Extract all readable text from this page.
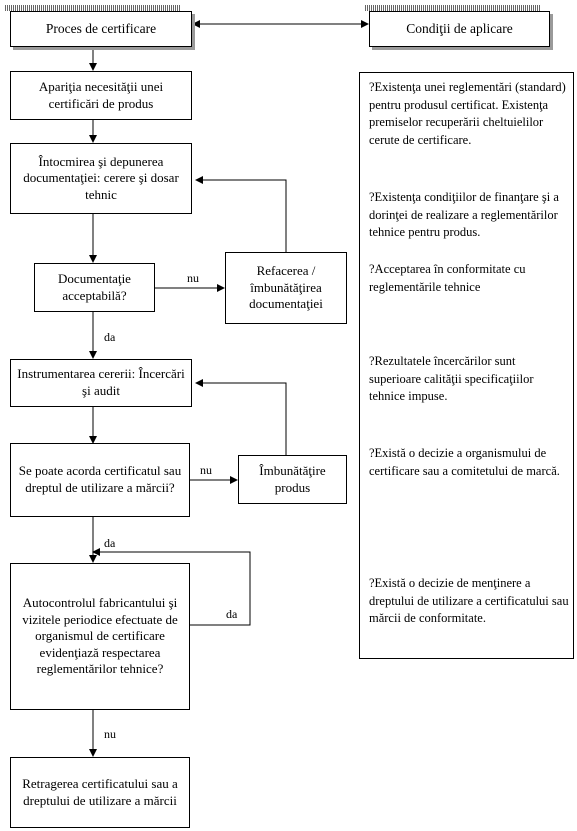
Proces de certificare	Condiţii de aplicare
Apariţia necesităţii unei certificări de produs
Întocmirea şi depunerea documentaţiei: cerere şi dosar tehnic
Documentaţie acceptabilă?
Refacerea / îmbunătăţirea documentaţiei
Instrumentarea cererii: Încercări şi audit
Se poate acorda certificatul sau dreptul de utilizare a mărcii?
Îmbunătăţire produs
Autocontrolul fabricantului şi vizitele periodice efectuate de organismul de certificare evidenţiază respectarea reglementărilor tehnice?
Retragerea certificatului sau a dreptului de utilizare a mărcii
nu
da
nu
da
da
nu
?Existenţa unei reglementări (standard) pentru produsul certificat. Existenţa premiselor recuperării cheltuielilor cerute de certificare.
?Existenţa condiţiilor de finanţare şi a dorinţei de realizare a reglementărilor tehnice pentru produs.
?Acceptarea în conformitate cu reglementările tehnice
?Rezultatele încercărilor sunt superioare calităţii specificaţiilor tehnice impuse.
?Există o decizie a organismului de certificare sau a comitetului de marcă.
?Există o decizie de menţinere a dreptului de utilizare a certificatului sau mărcii de conformitate.
